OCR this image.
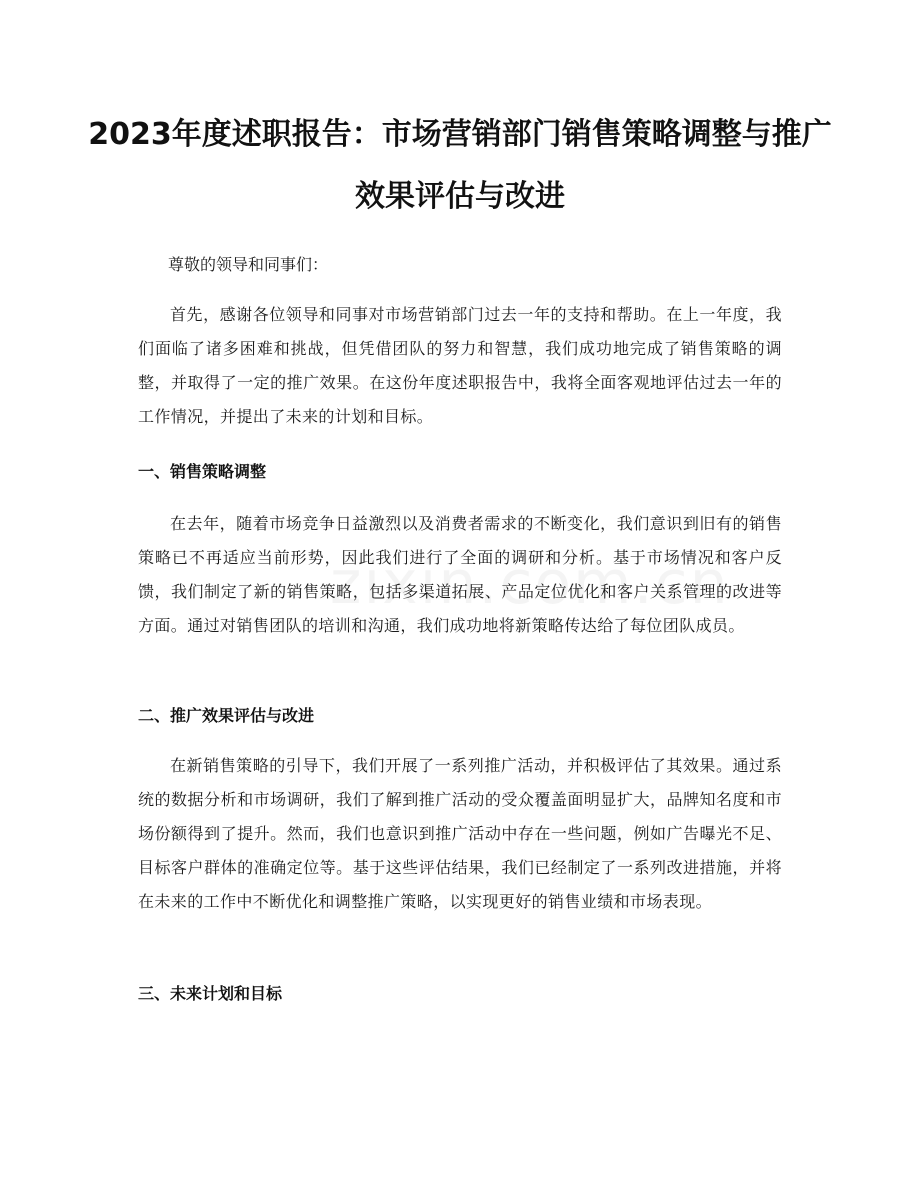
2023年度述职报告：市场营销部门销售策略调整与推广效果评估与改进

尊敬的领导和同事们：

首先，感谢各位领导和同事对市场营销部门过去一年的支持和帮助。在上一年度，我们面临了诸多困难和挑战，但凭借团队的努力和智慧，我们成功地完成了销售策略的调整，并取得了一定的推广效果。在这份年度述职报告中，我将全面客观地评估过去一年的工作情况，并提出了未来的计划和目标。

一、销售策略调整

在去年，随着市场竞争日益激烈以及消费者需求的不断变化，我们意识到旧有的销售策略已不再适应当前形势，因此我们进行了全面的调研和分析。基于市场情况和客户反馈，我们制定了新的销售策略，包括多渠道拓展、产品定位优化和客户关系管理的改进等方面。通过对销售团队的培训和沟通，我们成功地将新策略传达给了每位团队成员。

二、推广效果评估与改进

在新销售策略的引导下，我们开展了一系列推广活动，并积极评估了其效果。通过系统的数据分析和市场调研，我们了解到推广活动的受众覆盖面明显扩大，品牌知名度和市场份额得到了提升。然而，我们也意识到推广活动中存在一些问题，例如广告曝光不足、目标客户群体的准确定位等。基于这些评估结果，我们已经制定了一系列改进措施，并将在未来的工作中不断优化和调整推广策略，以实现更好的销售业绩和市场表现。

三、未来计划和目标
